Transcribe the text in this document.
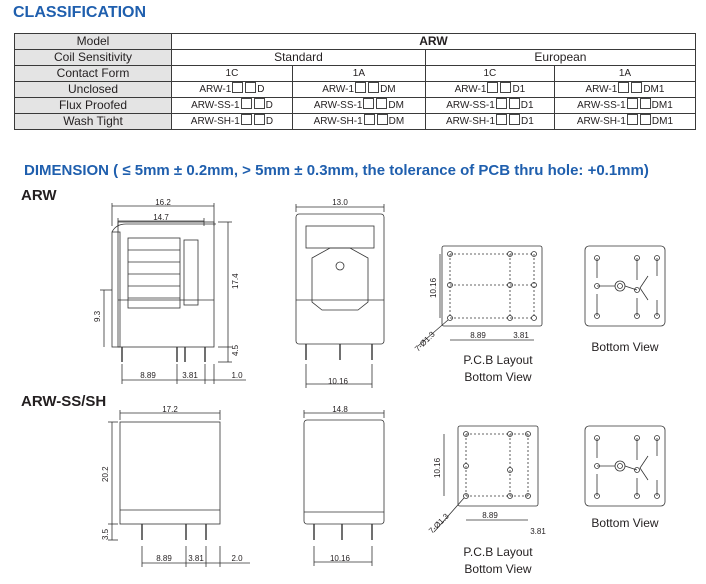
CLASSIFICATION
Model	ARW			
Coil Sensitivity	Standard		European	
Contact Form	1C	1A	1C	1A
Unclosed	ARW-1 D	ARW-1 DM	ARW-1 D1	ARW-1 DM1
Flux Proofed	ARW-SS-1 D	ARW-SS-1 DM	ARW-SS-1 D1	ARW-SS-1 DM1
Wash Tight	ARW-SH-1 D	ARW-SH-1 DM	ARW-SH-1 D1	ARW-SH-1 DM1
DIMENSION ( ≤ 5mm ± 0.2mm, > 5mm ± 0.3mm, the tolerance of PCB thru hole: +0.1mm)
ARW
ARW-SS/SH
16.2
14.7
17.4
4.5
9.3
8.89	3.81	1.0
13.0
10.16
10.16
8.89	3.81
7-Ø1.3
17.2
20.2
3.5
8.89 3.81	2.0
14.8
10.16
10.16
8.89
3.81
7-Ø1.3
P.C.B Layout
Bottom View
Bottom View
P.C.B Layout
Bottom View
Bottom View
